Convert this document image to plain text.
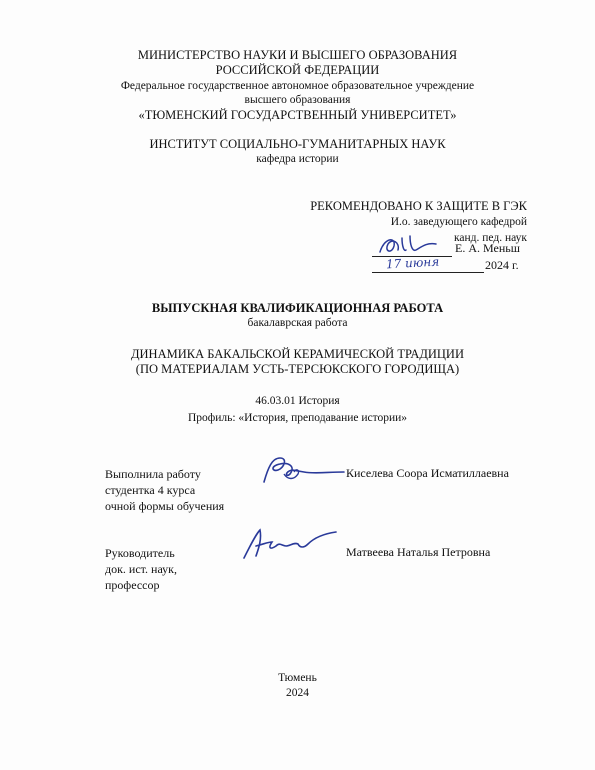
МИНИСТЕРСТВО НАУКИ И ВЫСШЕГО ОБРАЗОВАНИЯ
РОССИЙСКОЙ ФЕДЕРАЦИИ
Федеральное государственное автономное образовательное учреждение
высшего образования
«ТЮМЕНСКИЙ ГОСУДАРСТВЕННЫЙ УНИВЕРСИТЕТ»
ИНСТИТУТ СОЦИАЛЬНО-ГУМАНИТАРНЫХ НАУК
кафедра истории
РЕКОМЕНДОВАНО К ЗАЩИТЕ В ГЭК
И.о. заведующего кафедрой
канд. пед. наук
Е. А. Меньш
17 июня	2024 г.
ВЫПУСКНАЯ КВАЛИФИКАЦИОННАЯ РАБОТА
бакалаврская работа
ДИНАМИКА БАКАЛЬСКОЙ КЕРАМИЧЕСКОЙ ТРАДИЦИИ
(ПО МАТЕРИАЛАМ УСТЬ-ТЕРСЮКСКОГО ГОРОДИЩА)
46.03.01 История
Профиль: «История, преподавание истории»
Выполнила работу
студентка 4 курса
очной формы обучения
Киселева Соора Исматиллаевна
Руководитель
док. ист. наук,
профессор
Матвеева Наталья Петровна
Тюмень
2024
